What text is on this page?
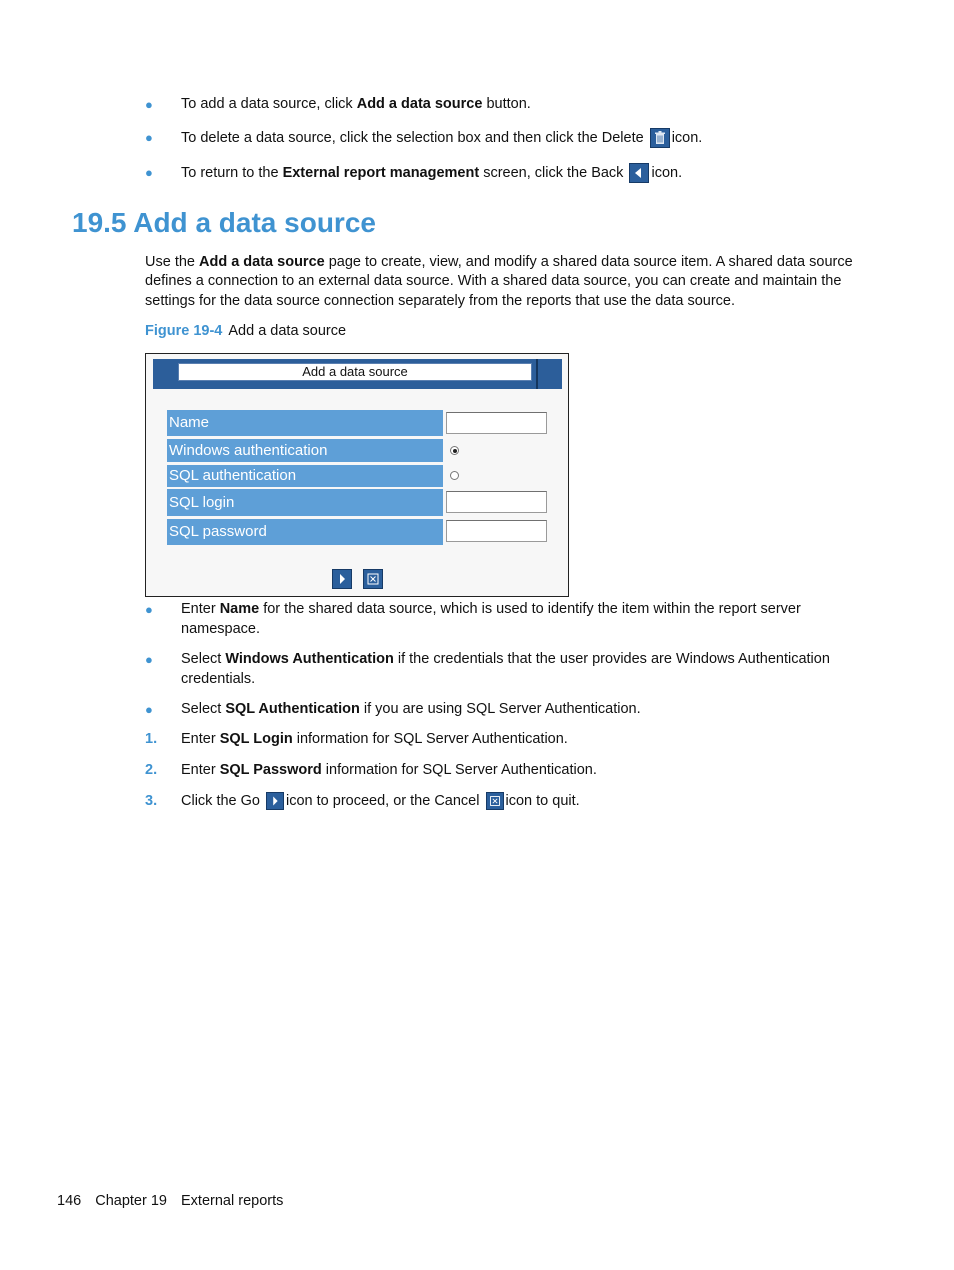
● To add a data source, click Add a data source button.
● To delete a data source, click the selection box and then click the Delete icon.
● To return to the External report management screen, click the Back icon.
19.5 Add a data source
Use the Add a data source page to create, view, and modify a shared data source item. A shared data source defines a connection to an external data source. With a shared data source, you can create and maintain the settings for the data source connection separately from the reports that use the data source.
Figure 19-4 Add a data source
Add a data source
Name
Windows authentication
SQL authentication
SQL login
SQL password
● Enter Name for the shared data source, which is used to identify the item within the report server namespace.
● Select Windows Authentication if the credentials that the user provides are Windows Authentication credentials.
● Select SQL Authentication if you are using SQL Server Authentication.
1. Enter SQL Login information for SQL Server Authentication.
2. Enter SQL Password information for SQL Server Authentication.
3. Click the Go icon to proceed, or the Cancel icon to quit.
146 Chapter 19 External reports
